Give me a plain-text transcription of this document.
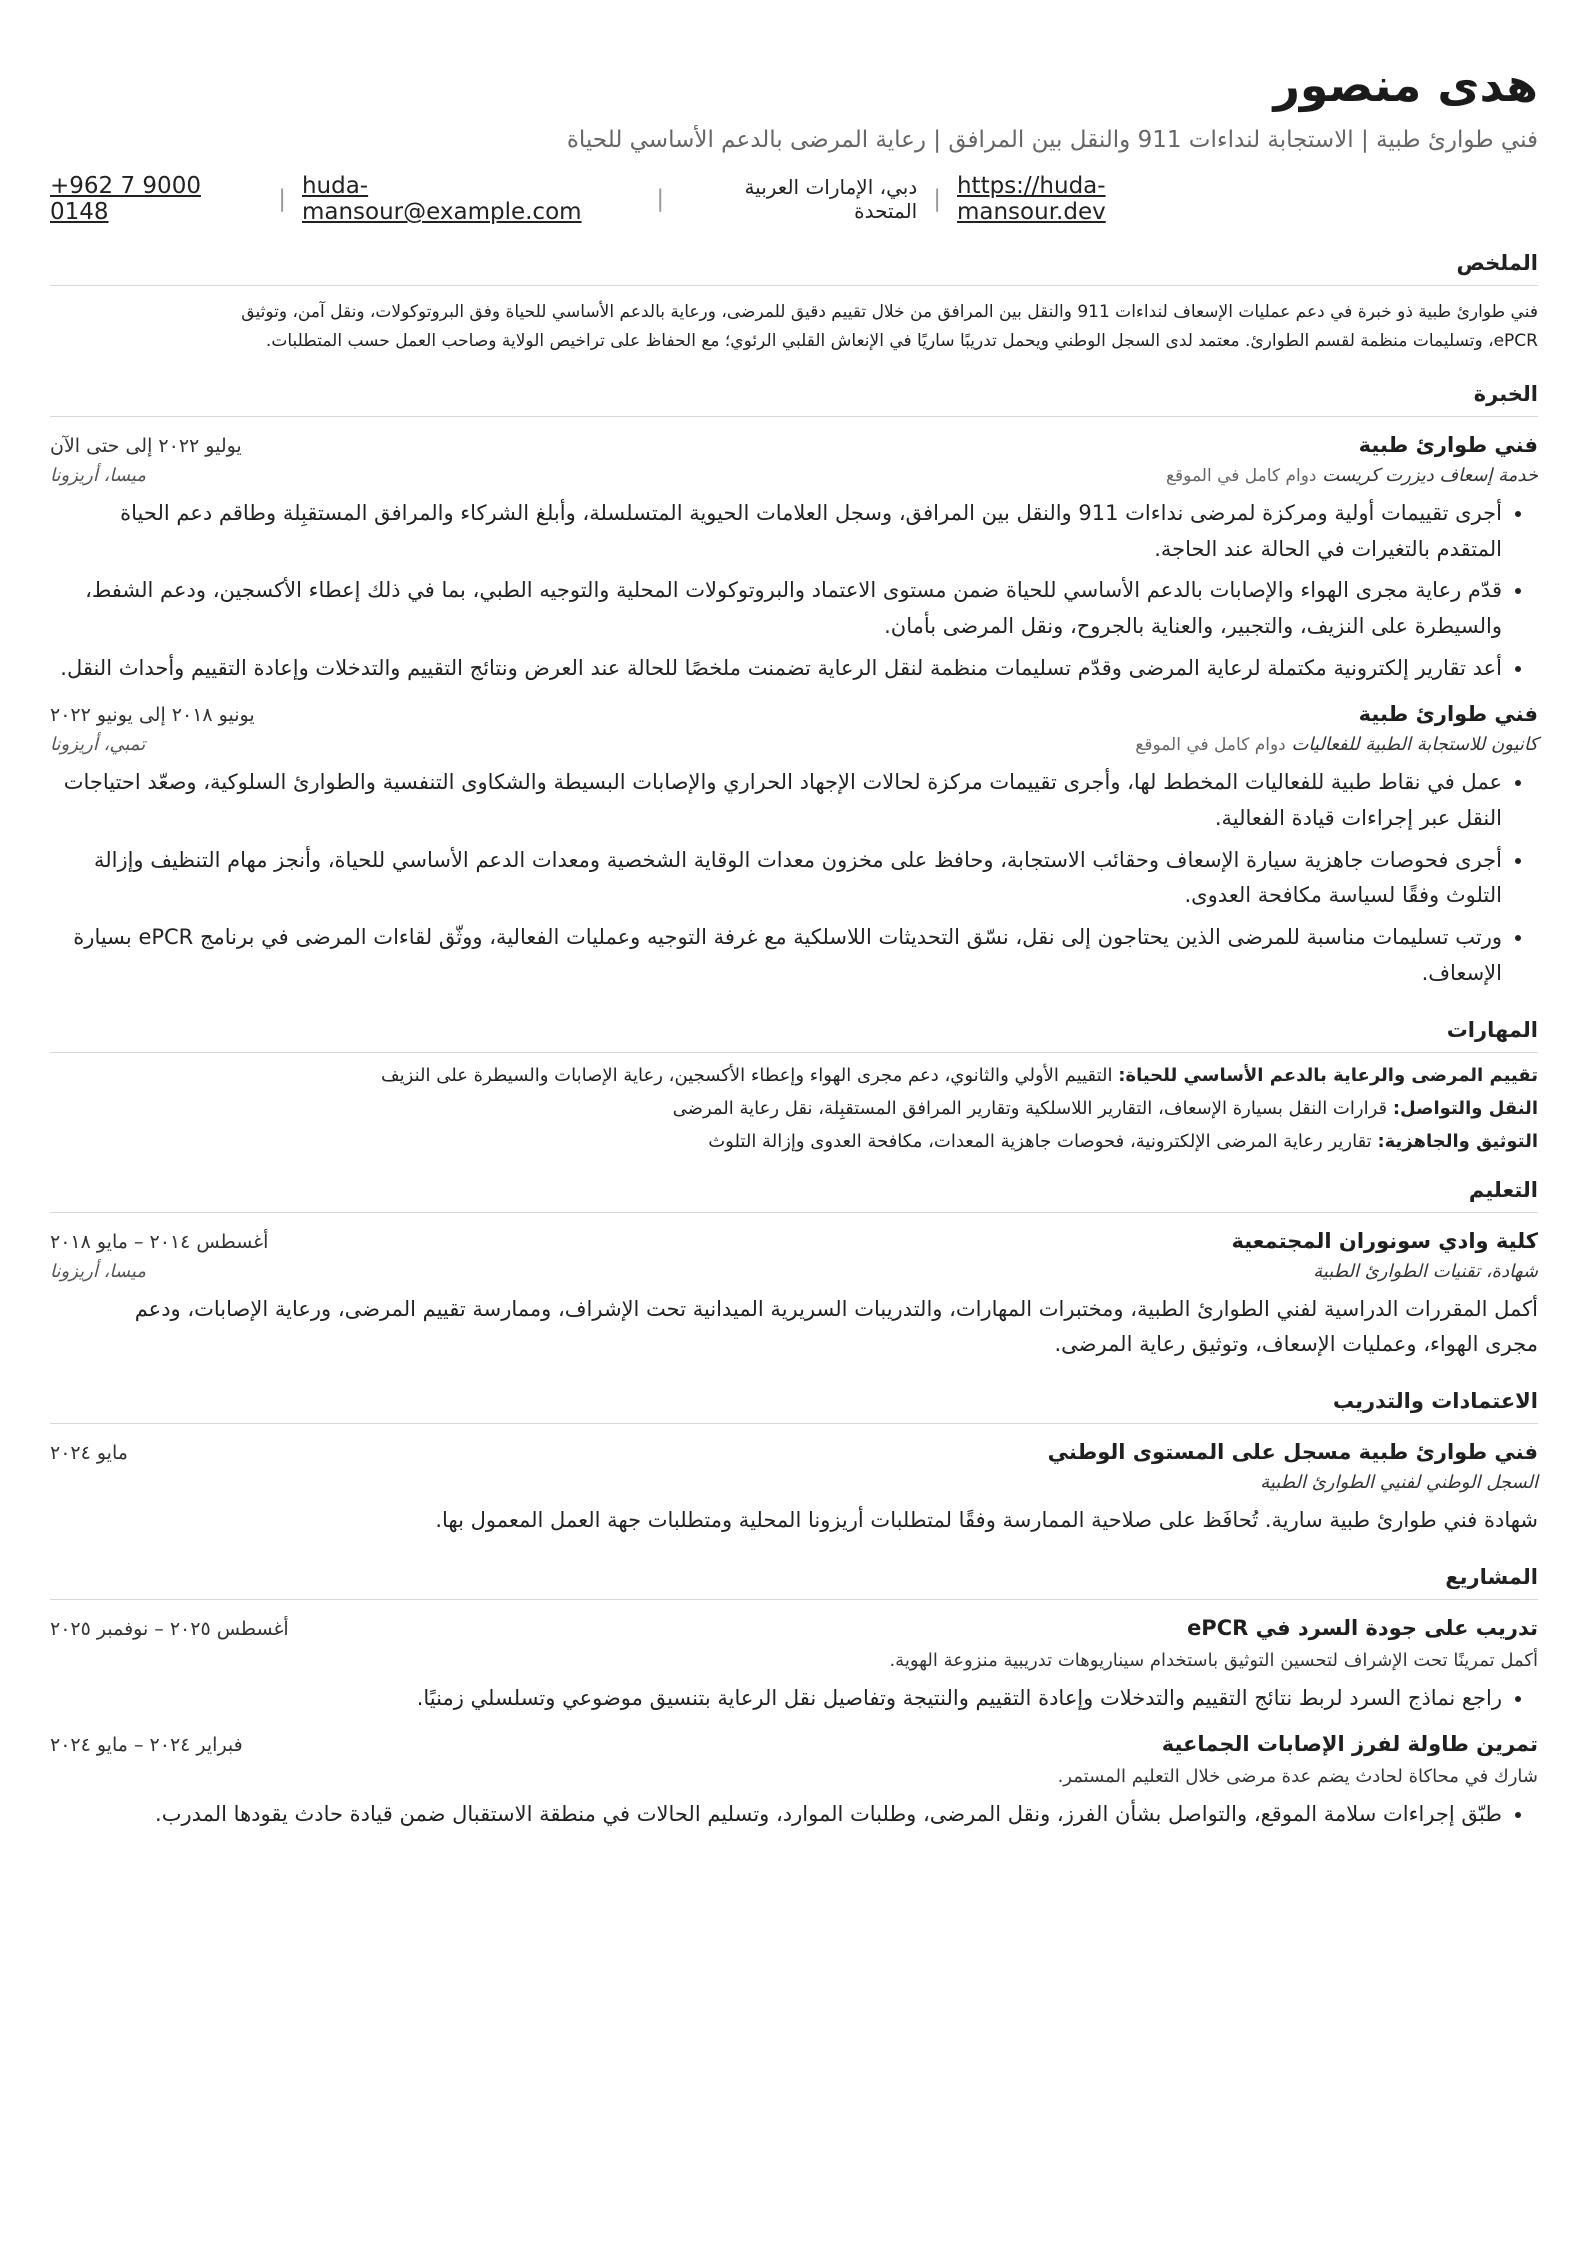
هدى منصور
فني طوارئ طبية | الاستجابة لنداءات 911 والنقل بين المرافق | رعاية المرضى بالدعم الأساسي للحياة
+962 7 9000 0148	| huda-mansour@example.com	|	دبي، الإمارات العربية المتحدة | https://huda-mansour.dev
الملخص
فني طوارئ طبية ذو خبرة في دعم عمليات الإسعاف لنداءات 911 والنقل بين المرافق من خلال تقييم دقيق للمرضى، ورعاية بالدعم الأساسي للحياة وفق البروتوكولات، ونقل آمن، وتوثيق
ePCR، وتسليمات منظمة لقسم الطوارئ. معتمد لدى السجل الوطني ويحمل تدريبًا ساريًا في الإنعاش القلبي الرئوي؛ مع الحفاظ على تراخيص الولاية وصاحب العمل حسب المتطلبات.
الخبرة
فني طوارئ طبية
يوليو ٢٠٢٢ إلى حتى الآن
خدمة إسعاف ديزرت كريست دوام كامل في الموقع
ميسا، أريزونا
• أجرى تقييمات أولية ومركزة لمرضى نداءات 911 والنقل بين المرافق، وسجل العلامات الحيوية المتسلسلة، وأبلغ الشركاء والمرافق المستقبِلة وطاقم دعم الحياة المتقدم بالتغيرات في الحالة عند الحاجة.
• قدّم رعاية مجرى الهواء والإصابات بالدعم الأساسي للحياة ضمن مستوى الاعتماد والبروتوكولات المحلية والتوجيه الطبي، بما في ذلك إعطاء الأكسجين، ودعم الشفط، والسيطرة على النزيف، والتجبير، والعناية بالجروح، ونقل المرضى بأمان.
• أعد تقارير إلكترونية مكتملة لرعاية المرضى وقدّم تسليمات منظمة لنقل الرعاية تضمنت ملخصًا للحالة عند العرض ونتائج التقييم والتدخلات وإعادة التقييم وأحداث النقل.
فني طوارئ طبية
يونيو ٢٠١٨ إلى يونيو ٢٠٢٢
كانيون للاستجابة الطبية للفعاليات دوام كامل في الموقع
تمبي، أريزونا
• عمل في نقاط طبية للفعاليات المخطط لها، وأجرى تقييمات مركزة لحالات الإجهاد الحراري والإصابات البسيطة والشكاوى التنفسية والطوارئ السلوكية، وصعّد احتياجات النقل عبر إجراءات قيادة الفعالية.
• أجرى فحوصات جاهزية سيارة الإسعاف وحقائب الاستجابة، وحافظ على مخزون معدات الوقاية الشخصية ومعدات الدعم الأساسي للحياة، وأنجز مهام التنظيف وإزالة التلوث وفقًا لسياسة مكافحة العدوى.
• ورتب تسليمات مناسبة للمرضى الذين يحتاجون إلى نقل، نسّق التحديثات اللاسلكية مع غرفة التوجيه وعمليات الفعالية، ووثّق لقاءات المرضى في برنامج ePCR بسيارة الإسعاف.
المهارات
تقييم المرضى والرعاية بالدعم الأساسي للحياة: التقييم الأولي والثانوي، دعم مجرى الهواء وإعطاء الأكسجين، رعاية الإصابات والسيطرة على النزيف
النقل والتواصل: قرارات النقل بسيارة الإسعاف، التقارير اللاسلكية وتقارير المرافق المستقبِلة، نقل رعاية المرضى
التوثيق والجاهزية: تقارير رعاية المرضى الإلكترونية، فحوصات جاهزية المعدات، مكافحة العدوى وإزالة التلوث
التعليم
كلية وادي سونوران المجتمعية
أغسطس ٢٠١٤ – مايو ٢٠١٨
شهادة، تقنيات الطوارئ الطبية
ميسا، أريزونا
أكمل المقررات الدراسية لفني الطوارئ الطبية، ومختبرات المهارات، والتدريبات السريرية الميدانية تحت الإشراف، وممارسة تقييم المرضى، ورعاية الإصابات، ودعم
مجرى الهواء، وعمليات الإسعاف، وتوثيق رعاية المرضى.
الاعتمادات والتدريب
فني طوارئ طبية مسجل على المستوى الوطني
مايو ٢٠٢٤
السجل الوطني لفنيي الطوارئ الطبية
شهادة فني طوارئ طبية سارية. تُحافَظ على صلاحية الممارسة وفقًا لمتطلبات أريزونا المحلية ومتطلبات جهة العمل المعمول بها.
المشاريع
تدريب على جودة السرد في ePCR
أغسطس ٢٠٢٥ – نوفمبر ٢٠٢٥
أكمل تمرينًا تحت الإشراف لتحسين التوثيق باستخدام سيناريوهات تدريبية منزوعة الهوية.
• راجع نماذج السرد لربط نتائج التقييم والتدخلات وإعادة التقييم والنتيجة وتفاصيل نقل الرعاية بتنسيق موضوعي وتسلسلي زمنيًا.
تمرين طاولة لفرز الإصابات الجماعية
فبراير ٢٠٢٤ – مايو ٢٠٢٤
شارك في محاكاة لحادث يضم عدة مرضى خلال التعليم المستمر.
• طبّق إجراءات سلامة الموقع، والتواصل بشأن الفرز، ونقل المرضى، وطلبات الموارد، وتسليم الحالات في منطقة الاستقبال ضمن قيادة حادث يقودها المدرب.
